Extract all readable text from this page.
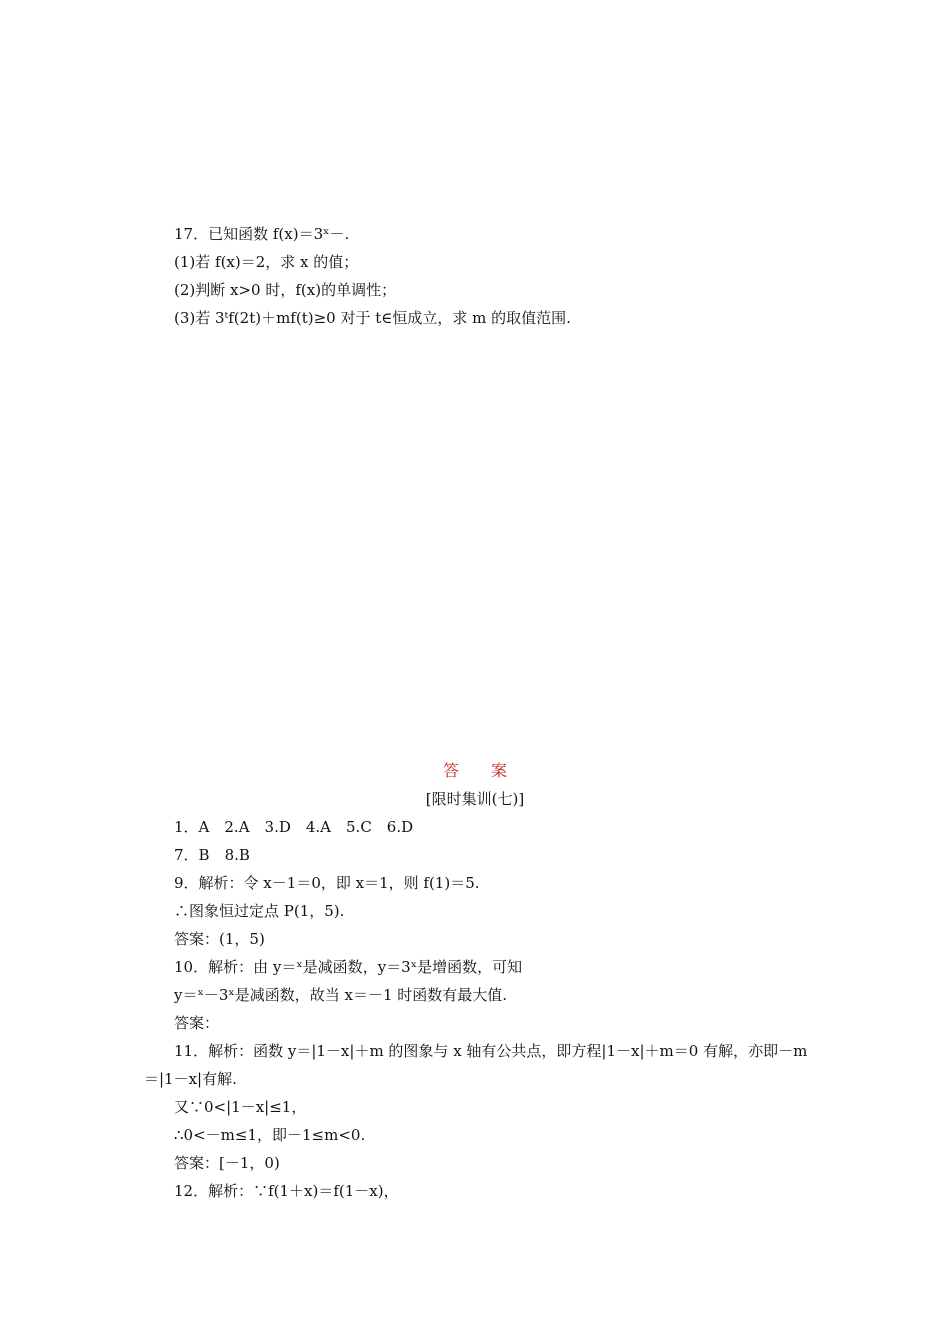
17．已知函数 f(x)＝3ˣ－.
(1)若 f(x)＝2，求 x 的值；
(2)判断 x>0 时，f(x)的单调性；
(3)若 3ᵗf(2t)＋mf(t)≥0 对于 t∈恒成立，求 m 的取值范围.
答　　案
[限时集训(七)]
1．A　2.A　3.D　4.A　5.C　6.D
7．B　8.B
9．解析：令 x－1＝0，即 x＝1，则 f(1)＝5.
∴图象恒过定点 P(1，5).
答案：(1，5)
10．解析：由 y＝ˣ是减函数，y＝3ˣ是增函数，可知
y＝ˣ－3ˣ是减函数，故当 x＝－1 时函数有最大值.
答案：
11．解析：函数 y＝|1－x|＋m 的图象与 x 轴有公共点，即方程|1－x|＋m＝0 有解，亦即－m
＝|1－x|有解.
又∵0<|1－x|≤1，
∴0<－m≤1，即－1≤m<0.
答案：[－1，0)
12．解析：∵f(1＋x)＝f(1－x)，
